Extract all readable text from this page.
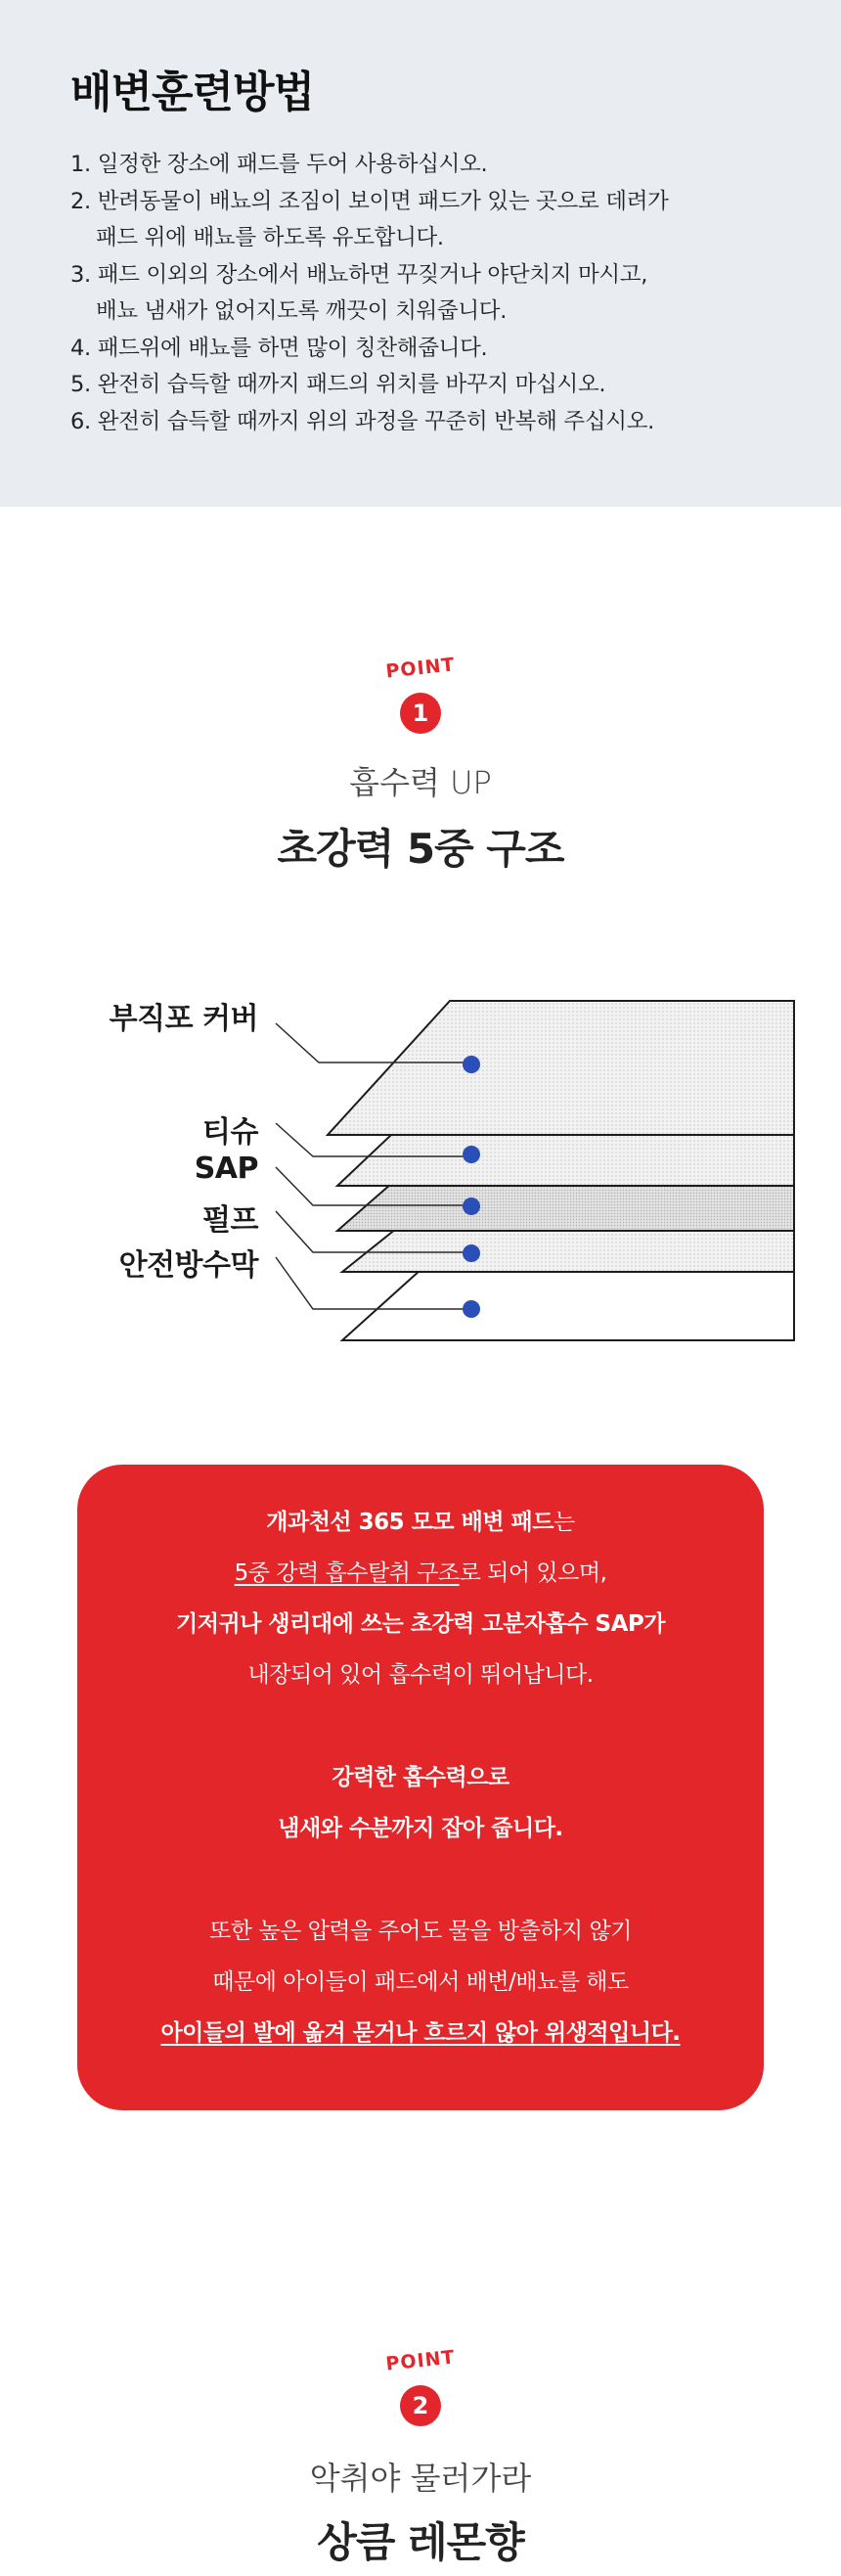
배변훈련방법
1. 일정한 장소에 패드를 두어 사용하십시오.
2. 반려동물이 배뇨의 조짐이 보이면 패드가 있는 곳으로 데려가
패드 위에 배뇨를 하도록 유도합니다.
3. 패드 이외의 장소에서 배뇨하면 꾸짖거나 야단치지 마시고,
배뇨 냄새가 없어지도록 깨끗이 치워줍니다.
4. 패드위에 배뇨를 하면 많이 칭찬해줍니다.
5. 완전히 습득할 때까지 패드의 위치를 바꾸지 마십시오.
6. 완전히 습득할 때까지 위의 과정을 꾸준히 반복해 주십시오.
POINT
1
흡수력 UP
초강력 5중 구조
부직포 커버
티슈
SAP
펄프
안전방수막
개과천선 365 모모 배변 패드는
5중 강력 흡수탈취 구조로 되어 있으며,
기저귀나 생리대에 쓰는 초강력 고분자흡수 SAP가
내장되어 있어 흡수력이 뛰어납니다.
강력한 흡수력으로
냄새와 수분까지 잡아 줍니다.
또한 높은 압력을 주어도 물을 방출하지 않기
때문에 아이들이 패드에서 배변/배뇨를 해도
아이들의 발에 옮겨 묻거나 흐르지 않아 위생적입니다.
POINT
2
악취야 물러가라
상큼 레몬향
